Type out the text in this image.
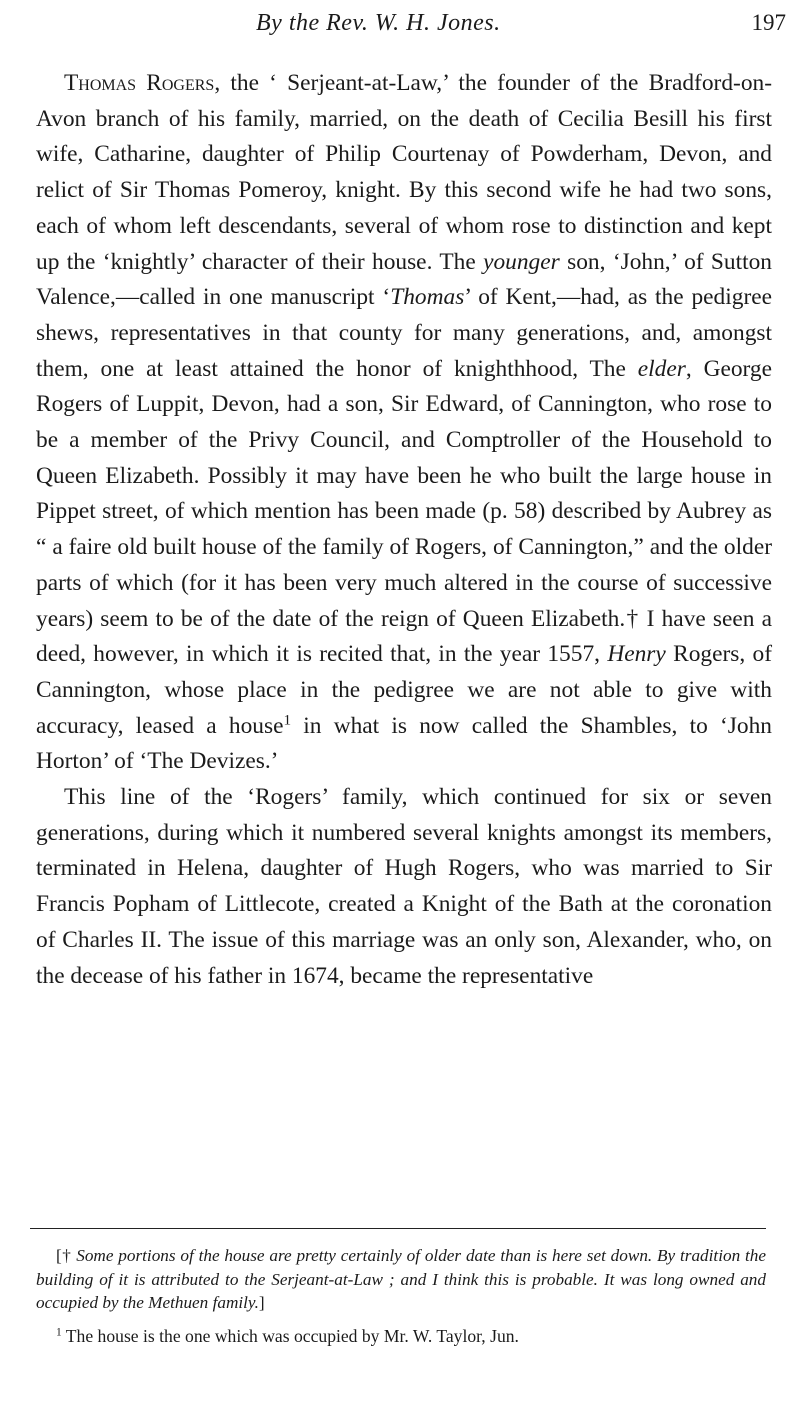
By the Rev. W. H. Jones.	197

Thomas Rogers, the ‘ Serjeant-at-Law,’ the founder of the Bradford-on-Avon branch of his family, married, on the death of Cecilia Besill his first wife, Catharine, daughter of Philip Courtenay of Powderham, Devon, and relict of Sir Thomas Pomeroy, knight. By this second wife he had two sons, each of whom left descendants, several of whom rose to distinction and kept up the ‘knightly’ character of their house. The younger son, ‘John,’ of Sutton Valence,—called in one manuscript ‘Thomas’ of Kent,—had, as the pedigree shews, representatives in that county for many generations, and, amongst them, one at least attained the honor of knighthhood, The elder, George Rogers of Luppit, Devon, had a son, Sir Edward, of Cannington, who rose to be a member of the Privy Council, and Comptroller of the Household to Queen Elizabeth. Possibly it may have been he who built the large house in Pippet street, of which mention has been made (p. 58) described by Aubrey as “ a faire old built house of the family of Rogers, of Cannington,” and the older parts of which (for it has been very much altered in the course of successive years) seem to be of the date of the reign of Queen Elizabeth.† I have seen a deed, however, in which it is recited that, in the year 1557, Henry Rogers, of Cannington, whose place in the pedigree we are not able to give with accuracy, leased a house$^1$ in what is now called the Shambles, to ‘John Horton’ of ‘The Devizes.’

This line of the ‘Rogers’ family, which continued for six or seven generations, during which it numbered several knights amongst its members, terminated in Helena, daughter of Hugh Rogers, who was married to Sir Francis Popham of Littlecote, created a Knight of the Bath at the coronation of Charles II. The issue of this marriage was an only son, Alexander, who, on the decease of his father in 1674, became the representative

[† Some portions of the house are pretty certainly of older date than is here set down. By tradition the building of it is attributed to the Serjeant-at-Law ; and I think this is probable. It was long owned and occupied by the Methuen family.]

$^1$ The house is the one which was occupied by Mr. W. Taylor, Jun.
